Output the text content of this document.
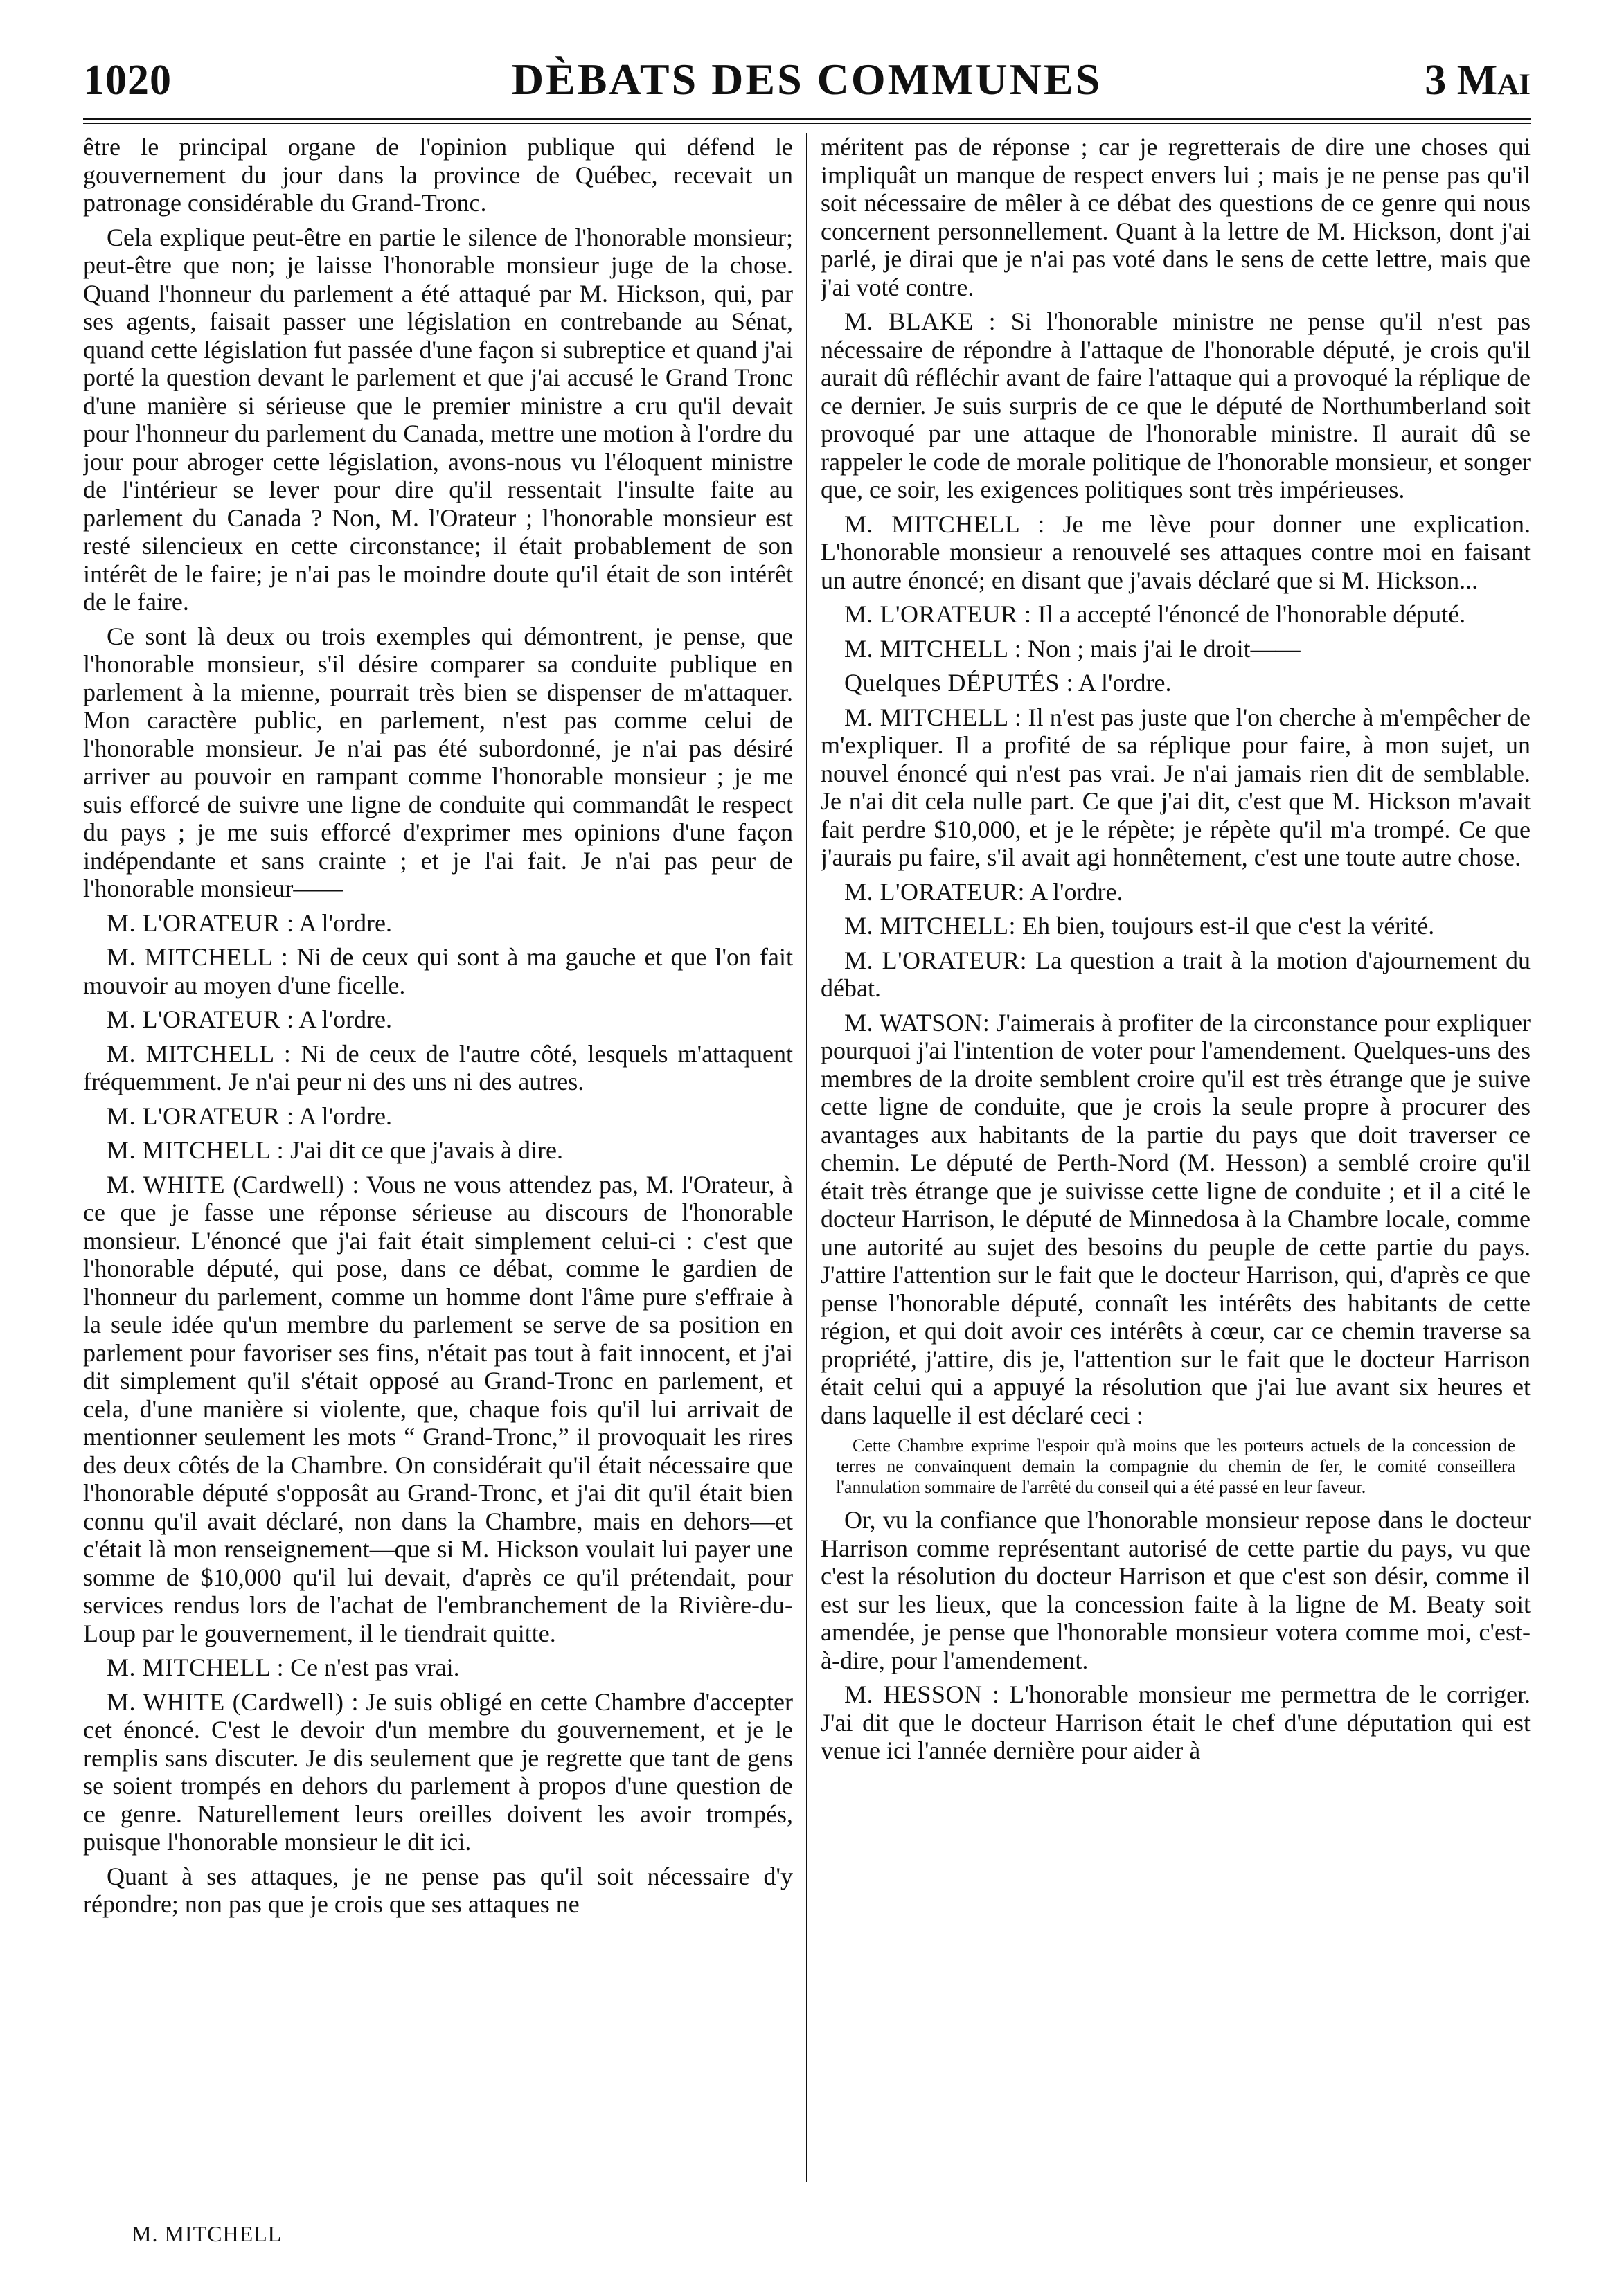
1020	DÈBATS DES COMMUNES	3 Mai

être le principal organe de l'opinion publique qui défend le gouvernement du jour dans la province de Québec, recevait un patronage considérable du Grand-Tronc.

Cela explique peut-être en partie le silence de l'honorable monsieur; peut-être que non; je laisse l'honorable monsieur juge de la chose. Quand l'honneur du parlement a été attaqué par M. Hickson, qui, par ses agents, faisait passer une législation en contrebande au Sénat, quand cette législation fut passée d'une façon si subreptice et quand j'ai porté la question devant le parlement et que j'ai accusé le Grand Tronc d'une manière si sérieuse que le premier ministre a cru qu'il devait pour l'honneur du parlement du Canada, mettre une motion à l'ordre du jour pour abroger cette législation, avons-nous vu l'éloquent ministre de l'intérieur se lever pour dire qu'il ressentait l'insulte faite au parlement du Canada ? Non, M. l'Orateur ; l'honorable monsieur est resté silencieux en cette circonstance; il était probablement de son intérêt de le faire; je n'ai pas le moindre doute qu'il était de son intérêt de le faire.

Ce sont là deux ou trois exemples qui démontrent, je pense, que l'honorable monsieur, s'il désire comparer sa conduite publique en parlement à la mienne, pourrait très bien se dispenser de m'attaquer. Mon caractère public, en parlement, n'est pas comme celui de l'honorable monsieur. Je n'ai pas été subordonné, je n'ai pas désiré arriver au pouvoir en rampant comme l'honorable monsieur ; je me suis efforcé de suivre une ligne de conduite qui commandât le respect du pays ; je me suis efforcé d'exprimer mes opinions d'une façon indépendante et sans crainte ; et je l'ai fait. Je n'ai pas peur de l'honorable monsieur——

M. L'ORATEUR : A l'ordre.

M. MITCHELL : Ni de ceux qui sont à ma gauche et que l'on fait mouvoir au moyen d'une ficelle.

M. L'ORATEUR : A l'ordre.

M. MITCHELL : Ni de ceux de l'autre côté, lesquels m'attaquent fréquemment. Je n'ai peur ni des uns ni des autres.

M. L'ORATEUR : A l'ordre.

M. MITCHELL : J'ai dit ce que j'avais à dire.

M. WHITE (Cardwell) : Vous ne vous attendez pas, M. l'Orateur, à ce que je fasse une réponse sérieuse au discours de l'honorable monsieur. L'énoncé que j'ai fait était simplement celui-ci : c'est que l'honorable député, qui pose, dans ce débat, comme le gardien de l'honneur du parlement, comme un homme dont l'âme pure s'effraie à la seule idée qu'un membre du parlement se serve de sa position en parlement pour favoriser ses fins, n'était pas tout à fait innocent, et j'ai dit simplement qu'il s'était opposé au Grand-Tronc en parlement, et cela, d'une manière si violente, que, chaque fois qu'il lui arrivait de mentionner seulement les mots “ Grand-Tronc,” il provoquait les rires des deux côtés de la Chambre. On considérait qu'il était nécessaire que l'honorable député s'opposât au Grand-Tronc, et j'ai dit qu'il était bien connu qu'il avait déclaré, non dans la Chambre, mais en dehors—et c'était là mon renseignement—que si M. Hickson voulait lui payer une somme de $10,000 qu'il lui devait, d'après ce qu'il prétendait, pour services rendus lors de l'achat de l'embranchement de la Rivière-du-Loup par le gouvernement, il le tiendrait quitte.

M. MITCHELL : Ce n'est pas vrai.

M. WHITE (Cardwell) : Je suis obligé en cette Chambre d'accepter cet énoncé. C'est le devoir d'un membre du gouvernement, et je le remplis sans discuter. Je dis seulement que je regrette que tant de gens se soient trompés en dehors du parlement à propos d'une question de ce genre. Naturellement leurs oreilles doivent les avoir trompés, puisque l'honorable monsieur le dit ici.

Quant à ses attaques, je ne pense pas qu'il soit nécessaire d'y répondre; non pas que je crois que ses attaques ne

méritent pas de réponse ; car je regretterais de dire une choses qui impliquât un manque de respect envers lui ; mais je ne pense pas qu'il soit nécessaire de mêler à ce débat des questions de ce genre qui nous concernent personnellement. Quant à la lettre de M. Hickson, dont j'ai parlé, je dirai que je n'ai pas voté dans le sens de cette lettre, mais que j'ai voté contre.

M. BLAKE : Si l'honorable ministre ne pense qu'il n'est pas nécessaire de répondre à l'attaque de l'honorable député, je crois qu'il aurait dû réfléchir avant de faire l'attaque qui a provoqué la réplique de ce dernier. Je suis surpris de ce que le député de Northumberland soit provoqué par une attaque de l'honorable ministre. Il aurait dû se rappeler le code de morale politique de l'honorable monsieur, et songer que, ce soir, les exigences politiques sont très impérieuses.

M. MITCHELL : Je me lève pour donner une explication. L'honorable monsieur a renouvelé ses attaques contre moi en faisant un autre énoncé; en disant que j'avais déclaré que si M. Hickson...

M. L'ORATEUR : Il a accepté l'énoncé de l'honorable député.

M. MITCHELL : Non ; mais j'ai le droit——

Quelques DÉPUTÉS : A l'ordre.

M. MITCHELL : Il n'est pas juste que l'on cherche à m'empêcher de m'expliquer. Il a profité de sa réplique pour faire, à mon sujet, un nouvel énoncé qui n'est pas vrai. Je n'ai jamais rien dit de semblable. Je n'ai dit cela nulle part. Ce que j'ai dit, c'est que M. Hickson m'avait fait perdre $10,000, et je le répète; je répète qu'il m'a trompé. Ce que j'aurais pu faire, s'il avait agi honnêtement, c'est une toute autre chose.

M. L'ORATEUR: A l'ordre.

M. MITCHELL: Eh bien, toujours est-il que c'est la vérité.

M. L'ORATEUR: La question a trait à la motion d'ajournement du débat.

M. WATSON: J'aimerais à profiter de la circonstance pour expliquer pourquoi j'ai l'intention de voter pour l'amendement. Quelques-uns des membres de la droite semblent croire qu'il est très étrange que je suive cette ligne de conduite, que je crois la seule propre à procurer des avantages aux habitants de la partie du pays que doit traverser ce chemin. Le député de Perth-Nord (M. Hesson) a semblé croire qu'il était très étrange que je suivisse cette ligne de conduite ; et il a cité le docteur Harrison, le député de Minnedosa à la Chambre locale, comme une autorité au sujet des besoins du peuple de cette partie du pays. J'attire l'attention sur le fait que le docteur Harrison, qui, d'après ce que pense l'honorable député, connaît les intérêts des habitants de cette région, et qui doit avoir ces intérêts à cœur, car ce chemin traverse sa propriété, j'attire, dis je, l'attention sur le fait que le docteur Harrison était celui qui a appuyé la résolution que j'ai lue avant six heures et dans laquelle il est déclaré ceci :

Cette Chambre exprime l'espoir qu'à moins que les porteurs actuels de la concession de terres ne convainquent demain la compagnie du chemin de fer, le comité conseillera l'annulation sommaire de l'arrêté du conseil qui a été passé en leur faveur.

Or, vu la confiance que l'honorable monsieur repose dans le docteur Harrison comme représentant autorisé de cette partie du pays, vu que c'est la résolution du docteur Harrison et que c'est son désir, comme il est sur les lieux, que la concession faite à la ligne de M. Beaty soit amendée, je pense que l'honorable monsieur votera comme moi, c'est-à-dire, pour l'amendement.

M. HESSON : L'honorable monsieur me permettra de le corriger. J'ai dit que le docteur Harrison était le chef d'une députation qui est venue ici l'année dernière pour aider à

M. MITCHELL
